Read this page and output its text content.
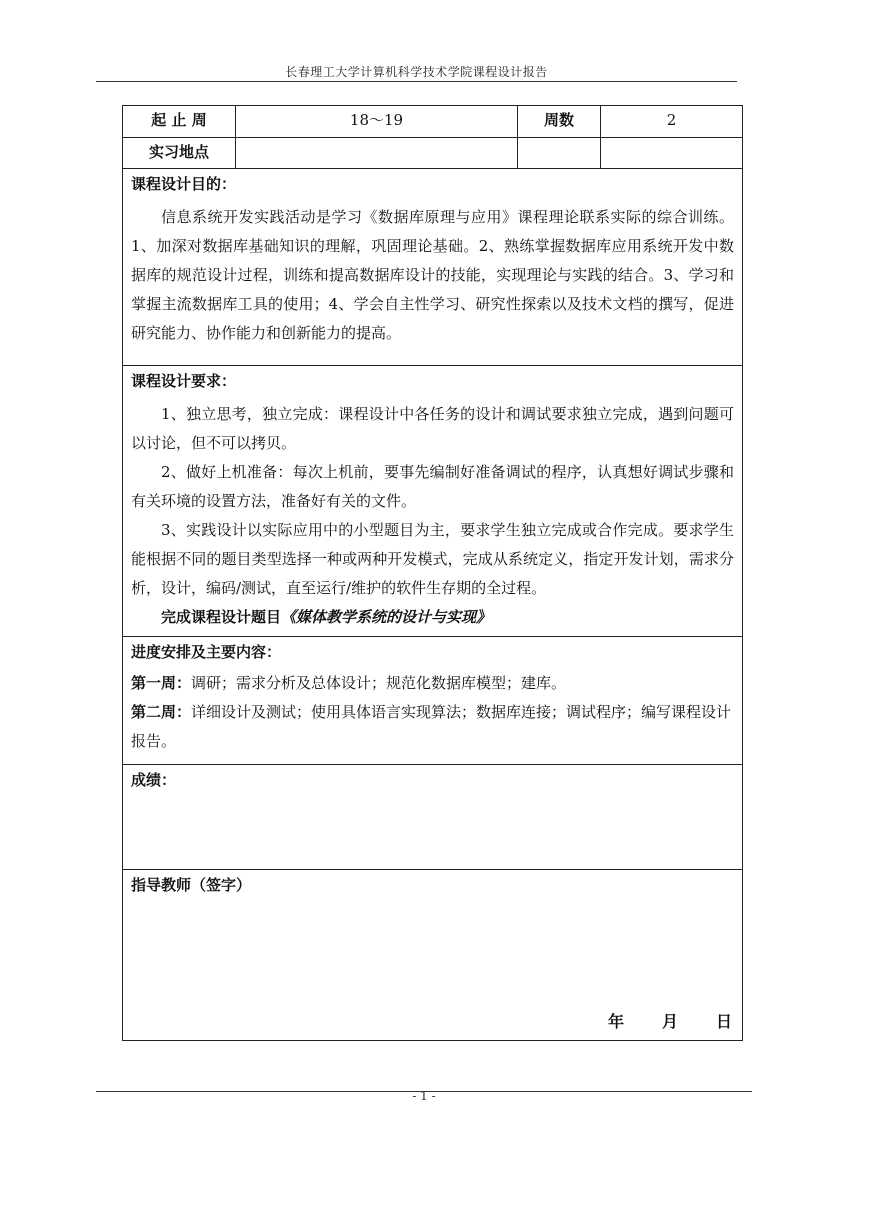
长春理工大学计算机科学技术学院课程设计报告
起 止 周	18～19	周数	2
实习地点			

课程设计目的：

信息系统开发实践活动是学习《数据库原理与应用》课程理论联系实际的综合训练。1、加深对数据库基础知识的理解，巩固理论基础。2、熟练掌握数据库应用系统开发中数据库的规范设计过程，训练和提高数据库设计的技能，实现理论与实践的结合。3、学习和掌握主流数据库工具的使用；4、学会自主性学习、研究性探索以及技术文档的撰写，促进研究能力、协作能力和创新能力的提高。			

课程设计要求：

1、独立思考，独立完成：课程设计中各任务的设计和调试要求独立完成，遇到问题可以讨论，但不可以拷贝。

2、做好上机准备：每次上机前，要事先编制好准备调试的程序，认真想好调试步骤和有关环境的设置方法，准备好有关的文件。

3、实践设计以实际应用中的小型题目为主，要求学生独立完成或合作完成。要求学生能根据不同的题目类型选择一种或两种开发模式，完成从系统定义，指定开发计划，需求分析，设计，编码/测试，直至运行/维护的软件生存期的全过程。

完成课程设计题目《媒体教学系统的设计与实现》			

进度安排及主要内容：

第一周：调研；需求分析及总体设计；规范化数据库模型；建库。

第二周：详细设计及测试；使用具体语言实现算法；数据库连接；调试程序；编写课程设计报告。			

成绩：			

指导教师（签字）
年 月 日			
- 1 -
